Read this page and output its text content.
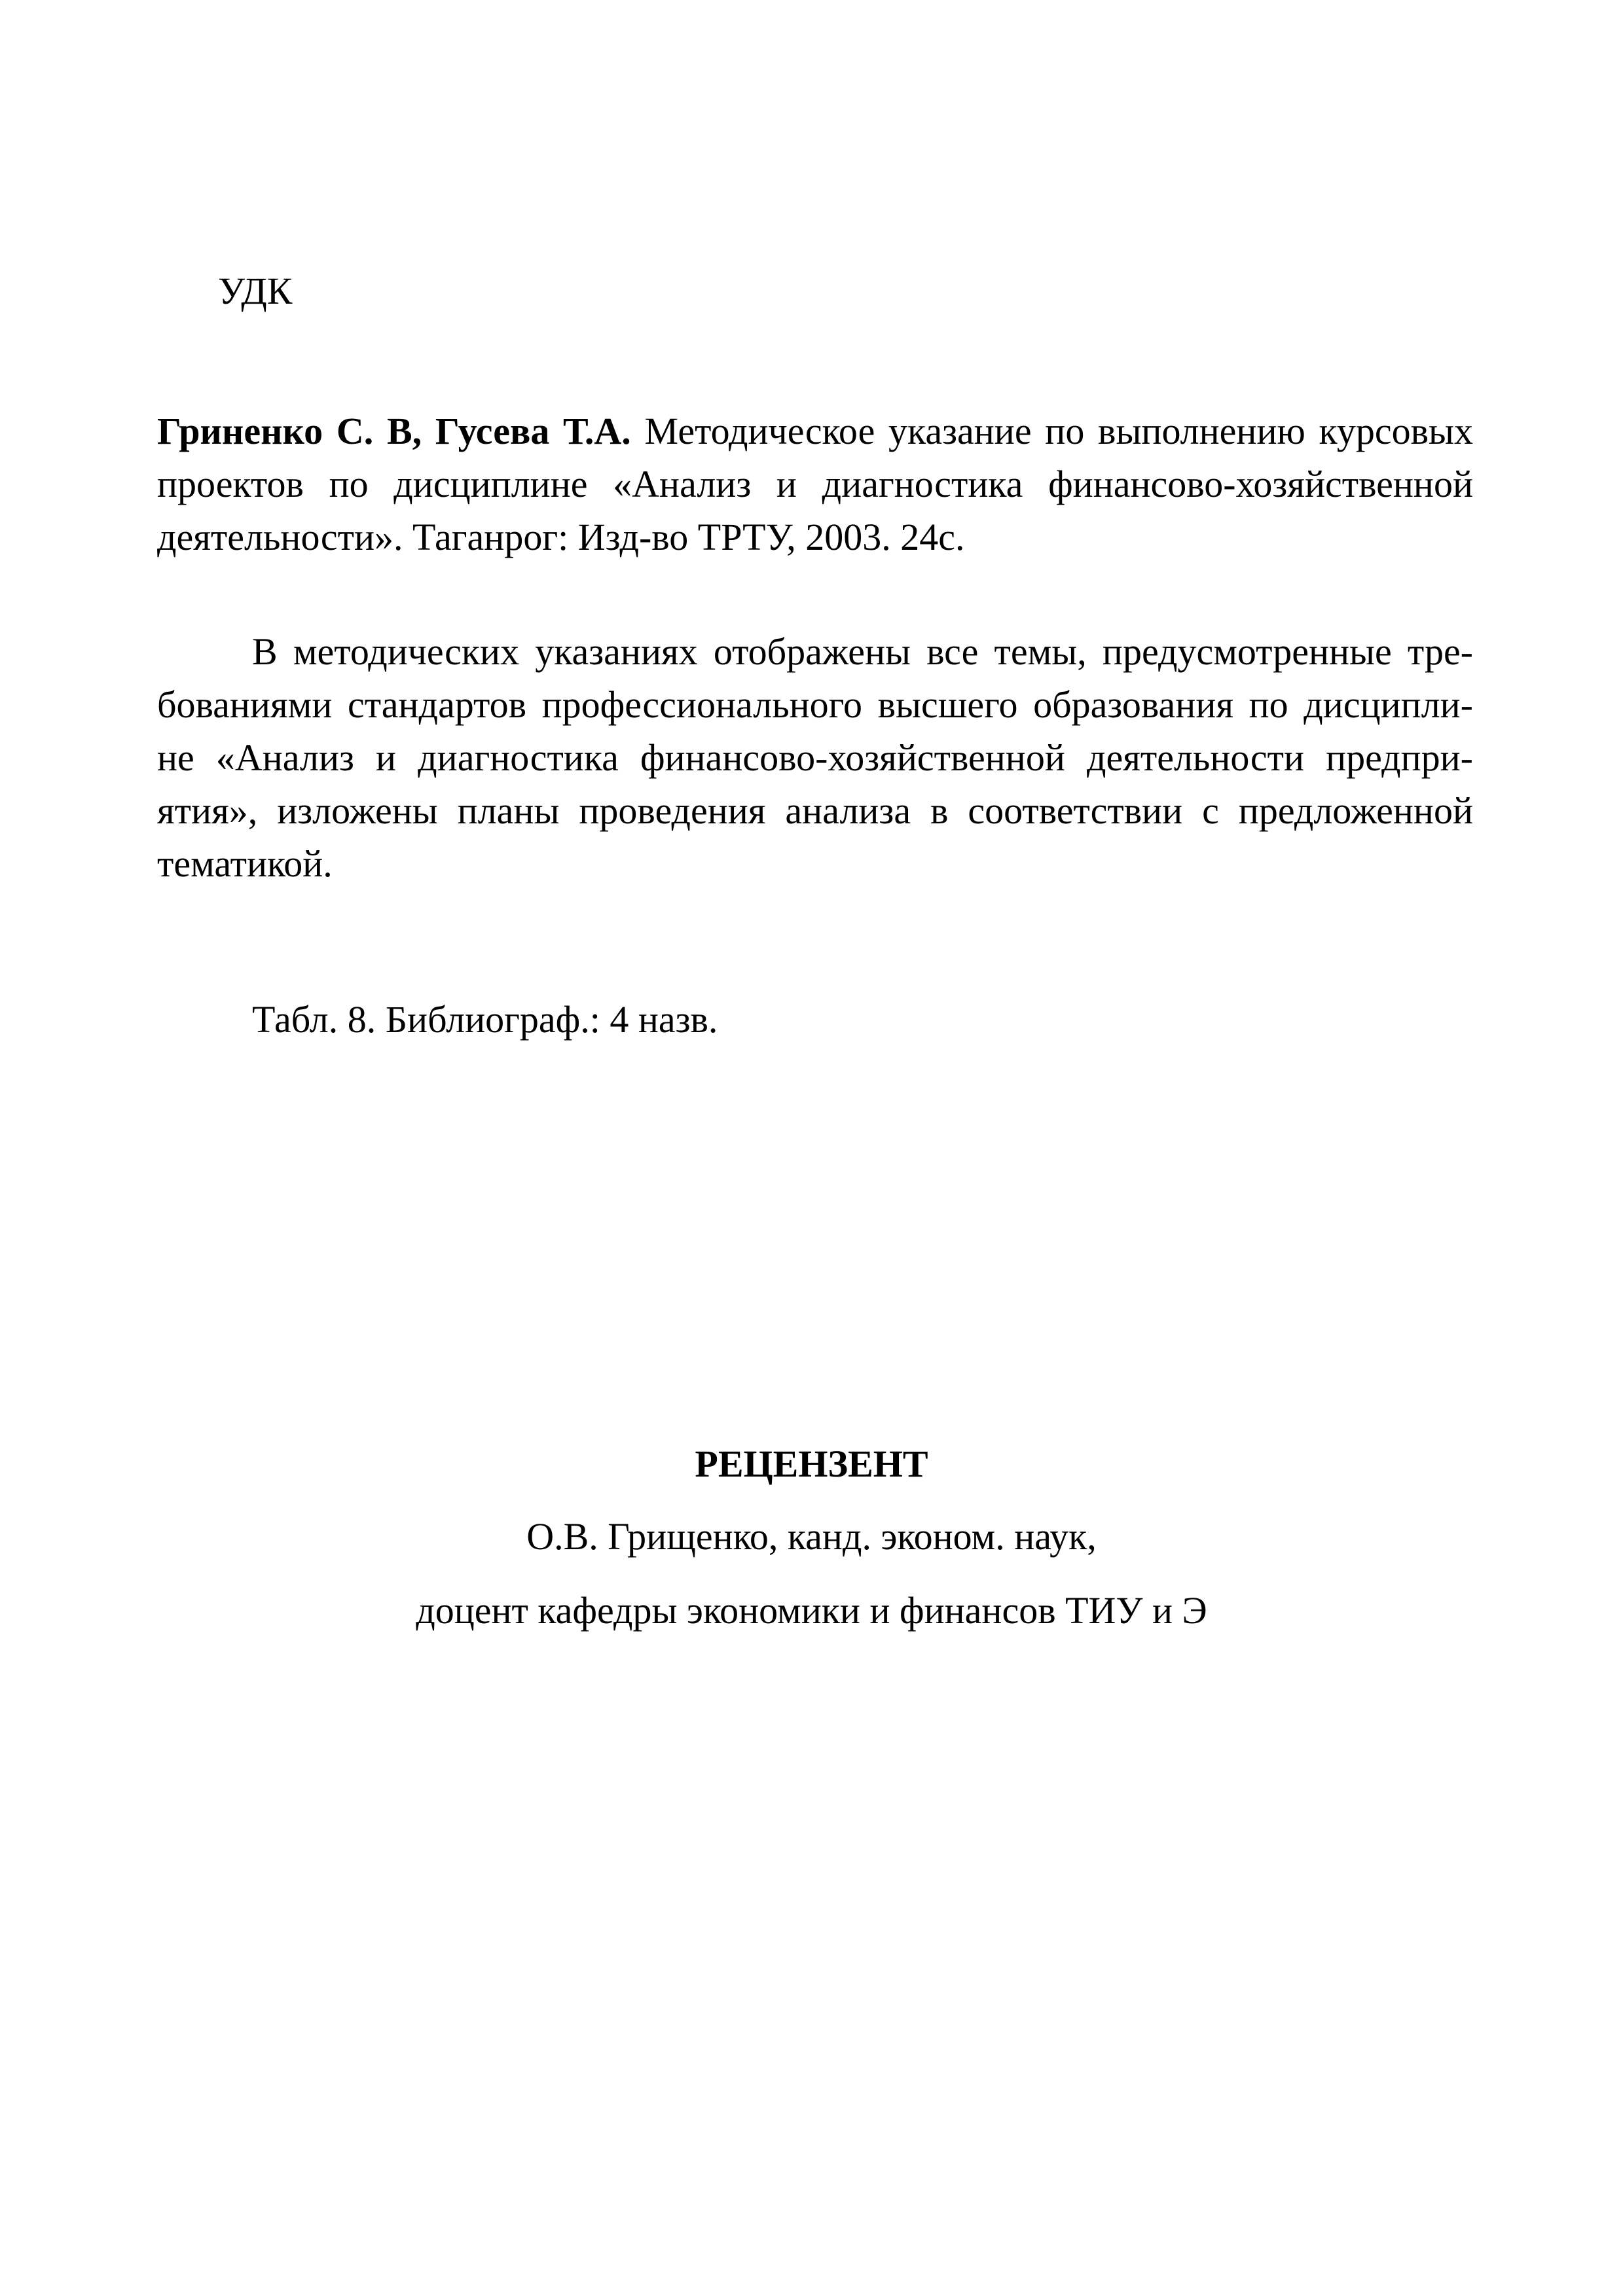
УДК
Гриненко С. В, Гусева Т.А. Методическое указание по выполнению курсовых
проектов по дисциплине «Анализ и диагностика финансово-хозяйственной
деятельности». Таганрог: Изд-во ТРТУ, 2003. 24с.
В методических указаниях отображены все темы, предусмотренные тре-
бованиями стандартов профессионального высшего образования по дисципли-
не «Анализ и диагностика финансово-хозяйственной деятельности предпри-
ятия», изложены планы проведения анализа в соответствии с предложенной
тематикой.
Табл. 8. Библиограф.: 4 назв.
РЕЦЕНЗЕНТ
О.В. Грищенко, канд. эконом. наук,
доцент кафедры экономики и финансов ТИУ и Э
